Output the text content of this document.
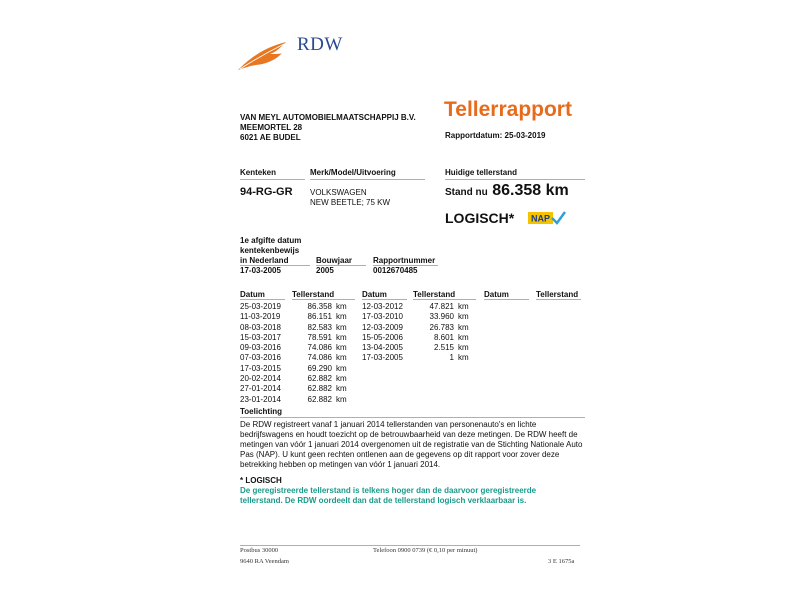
RDW
VAN MEYL AUTOMOBIELMAATSCHAPPIJ B.V.
MEEMORTEL 28
6021 AE BUDEL
Tellerrapport
Rapportdatum: 25-03-2019
Kenteken	Merk/Model/Uitvoering	Huidige tellerstand
94-RG-GR VOLKSWAGEN
NEW BEETLE; 75 KW
Stand nu 86.358 km
LOGISCH* NAP
1e afgifte datum
kentekenbewijs
in Nederland	Bouwjaar	Rapportnummer
17-03-2005	2005	0012670485
Datum	Tellerstand	Datum	Tellerstand	Datum	Tellerstand
25-03-2019	86.358	km
11-03-2019	86.151	km
08-03-2018	82.583	km
15-03-2017	78.591	km
09-03-2016	74.086	km
07-03-2016	74.086	km
17-03-2015	69.290	km
20-02-2014	62.882	km
27-01-2014	62.882	km
23-01-2014	62.882	km
12-03-2012	47.821	km
17-03-2010	33.960	km
12-03-2009	26.783	km
15-05-2006	8.601	km
13-04-2005	2.515	km
17-03-2005	1	km
Toelichting
De RDW registreert vanaf 1 januari 2014 tellerstanden van personenauto's en lichte
bedrijfswagens en houdt toezicht op de betrouwbaarheid van deze metingen. De RDW heeft de
metingen van vóór 1 januari 2014 overgenomen uit de registratie van de Stichting Nationale Auto
Pas (NAP). U kunt geen rechten ontlenen aan de gegevens op dit rapport voor zover deze
betrekking hebben op metingen van vóór 1 januari 2014.
* LOGISCH
De geregistreerde tellerstand is telkens hoger dan de daarvoor geregistreerde
tellerstand. De RDW oordeelt dan dat de tellerstand logisch verklaarbaar is.
Postbus 30000	Telefoon 0900 0739 (€ 0,10 per minuut)
9640 RA Veendam	3 E 1675a
